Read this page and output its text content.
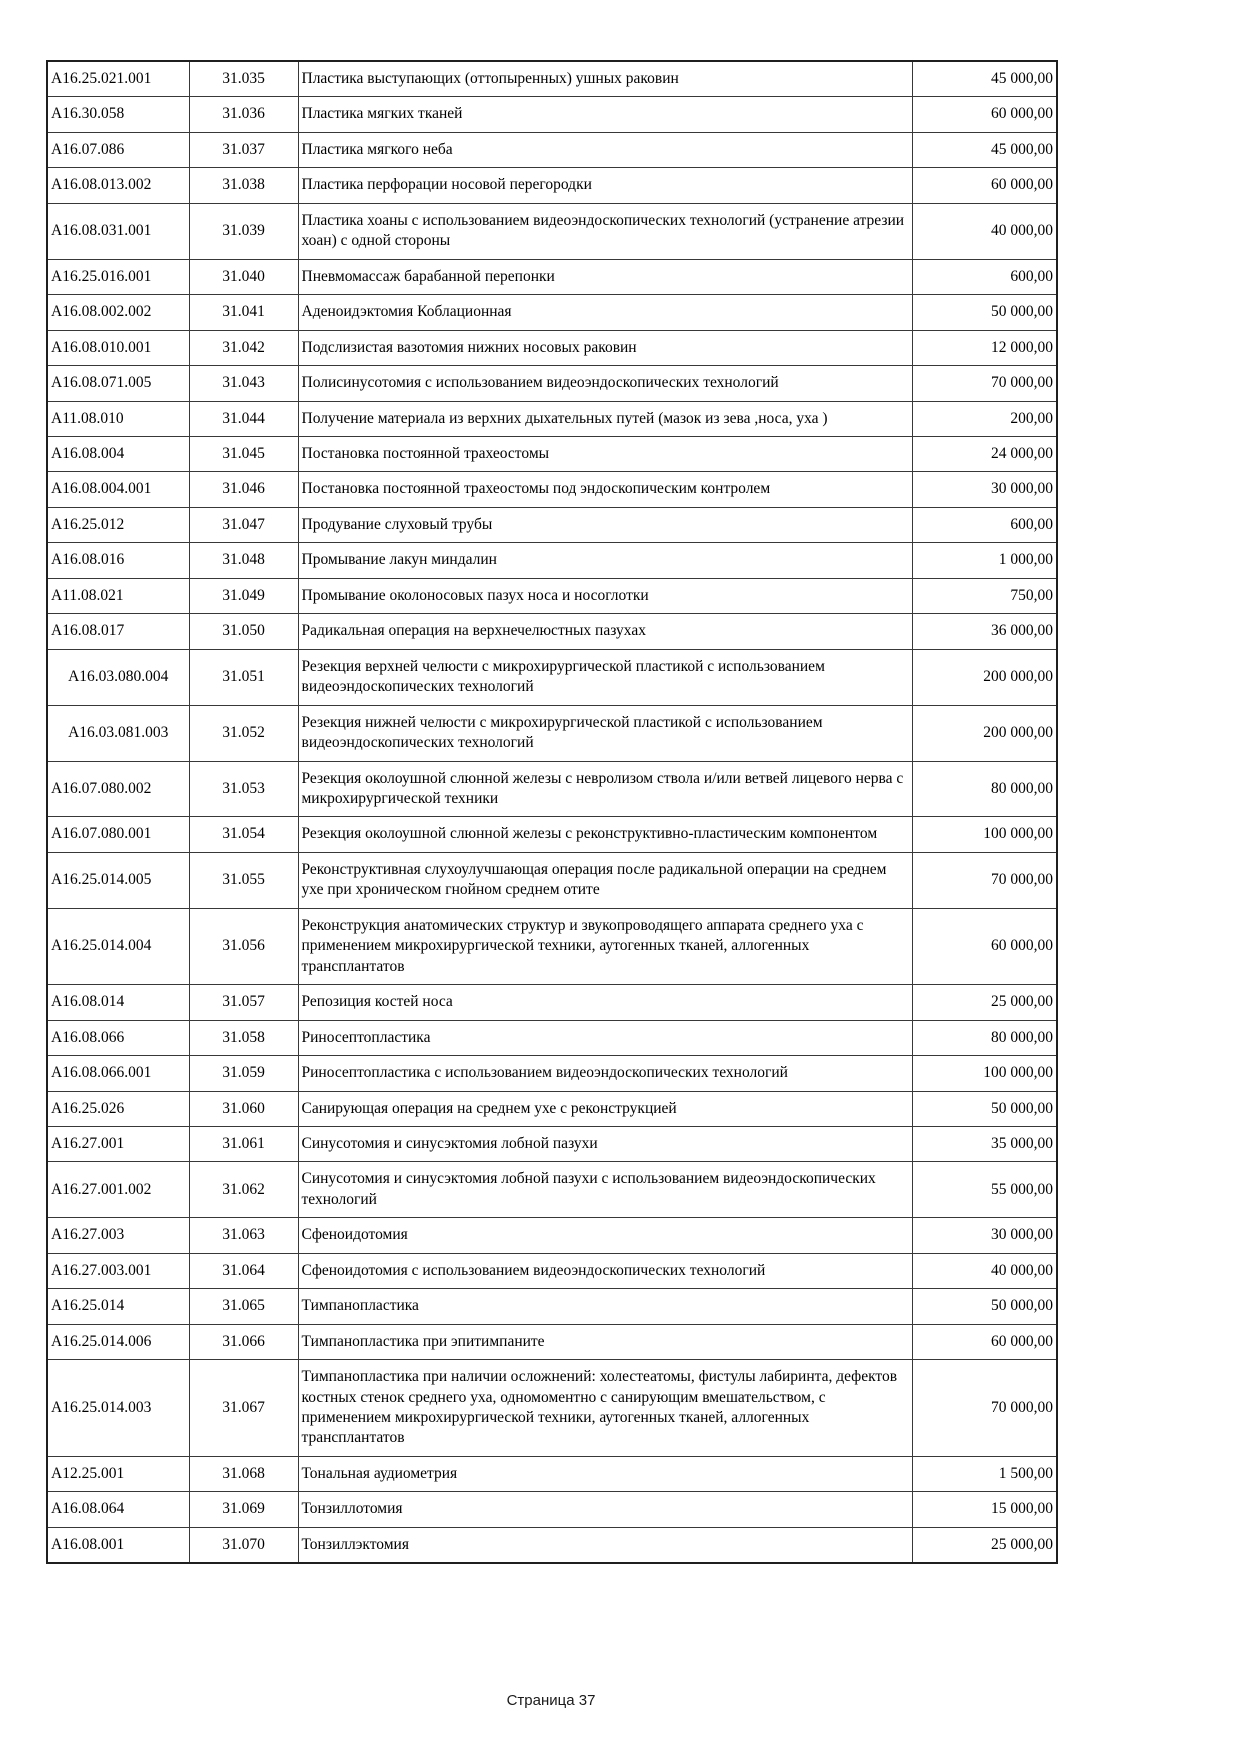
A16.25.021.001	31.035	Пластика выступающих (оттопыренных) ушных раковин	45 000,00
A16.30.058	31.036	Пластика мягких тканей	60 000,00
A16.07.086	31.037	Пластика мягкого неба	45 000,00
A16.08.013.002	31.038	Пластика перфорации носовой перегородки	60 000,00
A16.08.031.001	31.039	Пластика хоаны с использованием видеоэндоскопических технологий (устранение атрезии хоан) с одной стороны	40 000,00
A16.25.016.001	31.040	Пневмомассаж барабанной перепонки	600,00
A16.08.002.002	31.041	Аденоидэктомия Коблационная	50 000,00
A16.08.010.001	31.042	Подслизистая вазотомия нижних носовых раковин	12 000,00
A16.08.071.005	31.043	Полисинусотомия с использованием видеоэндоскопических технологий	70 000,00
A11.08.010	31.044	Получение материала из верхних дыхательных путей (мазок из зева ,носа, уха )	200,00
A16.08.004	31.045	Постановка постоянной трахеостомы	24 000,00
A16.08.004.001	31.046	Постановка постоянной трахеостомы под эндоскопическим контролем	30 000,00
A16.25.012	31.047	Продувание слуховый трубы	600,00
A16.08.016	31.048	Промывание лакун миндалин	1 000,00
A11.08.021	31.049	Промывание околоносовых пазух носа и носоглотки	750,00
A16.08.017	31.050	Радикальная операция на верхнечелюстных пазухах	36 000,00
A16.03.080.004	31.051	Резекция верхней челюсти с микрохирургической пластикой с использованием видеоэндоскопических технологий	200 000,00
A16.03.081.003	31.052	Резекция нижней челюсти с микрохирургической пластикой с использованием видеоэндоскопических технологий	200 000,00
A16.07.080.002	31.053	Резекция околоушной слюнной железы с невролизом ствола и/или ветвей лицевого нерва с микрохирургической техники	80 000,00
A16.07.080.001	31.054	Резекция околоушной слюнной железы с реконструктивно-пластическим компонентом	100 000,00
A16.25.014.005	31.055	Реконструктивная слухоулучшающая операция после радикальной операции на среднем ухе при хроническом гнойном среднем отите	70 000,00
A16.25.014.004	31.056	Реконструкция анатомических структур и звукопроводящего аппарата среднего уха с применением микрохирургической техники, аутогенных тканей, аллогенных трансплантатов	60 000,00
A16.08.014	31.057	Репозиция костей носа	25 000,00
A16.08.066	31.058	Риносептопластика	80 000,00
A16.08.066.001	31.059	Риносептопластика с использованием видеоэндоскопических технологий	100 000,00
A16.25.026	31.060	Санирующая операция на среднем ухе с реконструкцией	50 000,00
A16.27.001	31.061	Синусотомия и синусэктомия лобной пазухи	35 000,00
A16.27.001.002	31.062	Синусотомия и синусэктомия лобной пазухи с использованием видеоэндоскопических технологий	55 000,00
A16.27.003	31.063	Сфеноидотомия	30 000,00
A16.27.003.001	31.064	Сфеноидотомия с использованием видеоэндоскопических технологий	40 000,00
A16.25.014	31.065	Тимпанопластика	50 000,00
A16.25.014.006	31.066	Тимпанопластика при эпитимпаните	60 000,00
A16.25.014.003	31.067	Тимпанопластика при наличии осложнений: холестеатомы, фистулы лабиринта, дефектов костных стенок среднего уха, одномоментно с санирующим вмешательством, с применением микрохирургической техники, аутогенных тканей, аллогенных трансплантатов	70 000,00
A12.25.001	31.068	Тональная аудиометрия	1 500,00
A16.08.064	31.069	Тонзиллотомия	15 000,00
A16.08.001	31.070	Тонзиллэктомия	25 000,00
Страница 37
